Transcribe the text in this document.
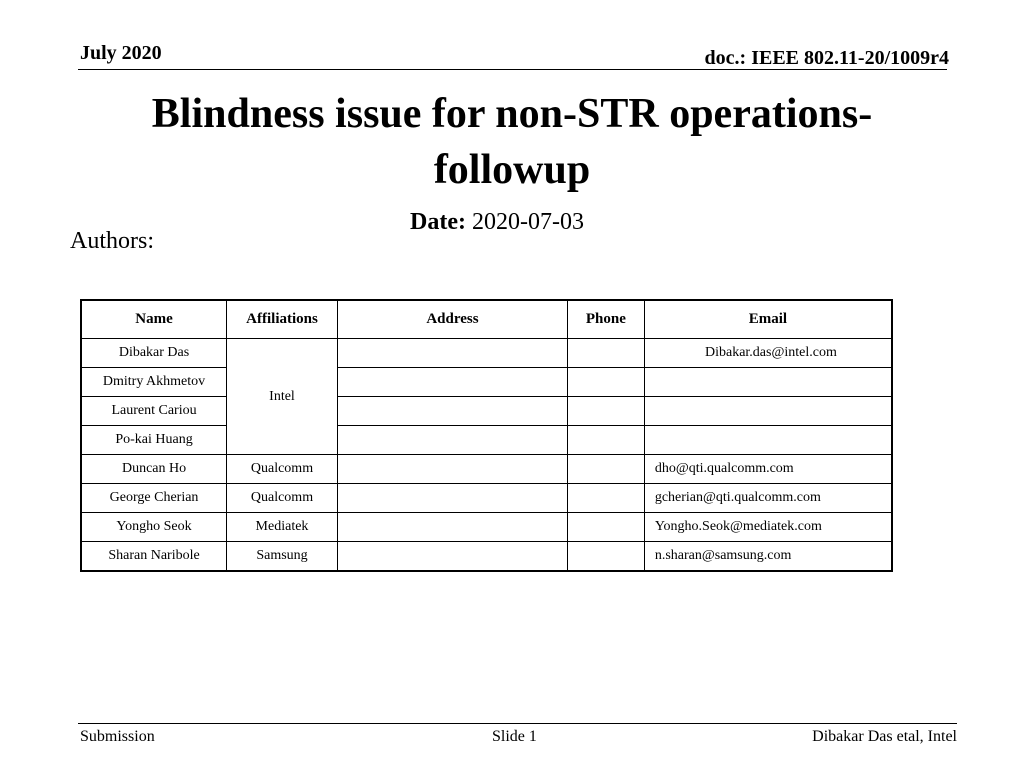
July 2020	doc.: IEEE 802.11-20/1009r4
Blindness issue for non-STR operations-
followup
Date: 2020-07-03
Authors:
Name	Affiliations	Address	Phone	Email
Dibakar Das	Intel			Dibakar.das@intel.com
Dmitry Akhmetov				
Laurent Cariou				
Po-kai Huang				
Duncan Ho	Qualcomm			dho@qti.qualcomm.com
George Cherian	Qualcomm			gcherian@qti.qualcomm.com
Yongho Seok	Mediatek			Yongho.Seok@mediatek.com
Sharan Naribole	Samsung			n.sharan@samsung.com
Submission	Slide 1	Dibakar Das etal, Intel
